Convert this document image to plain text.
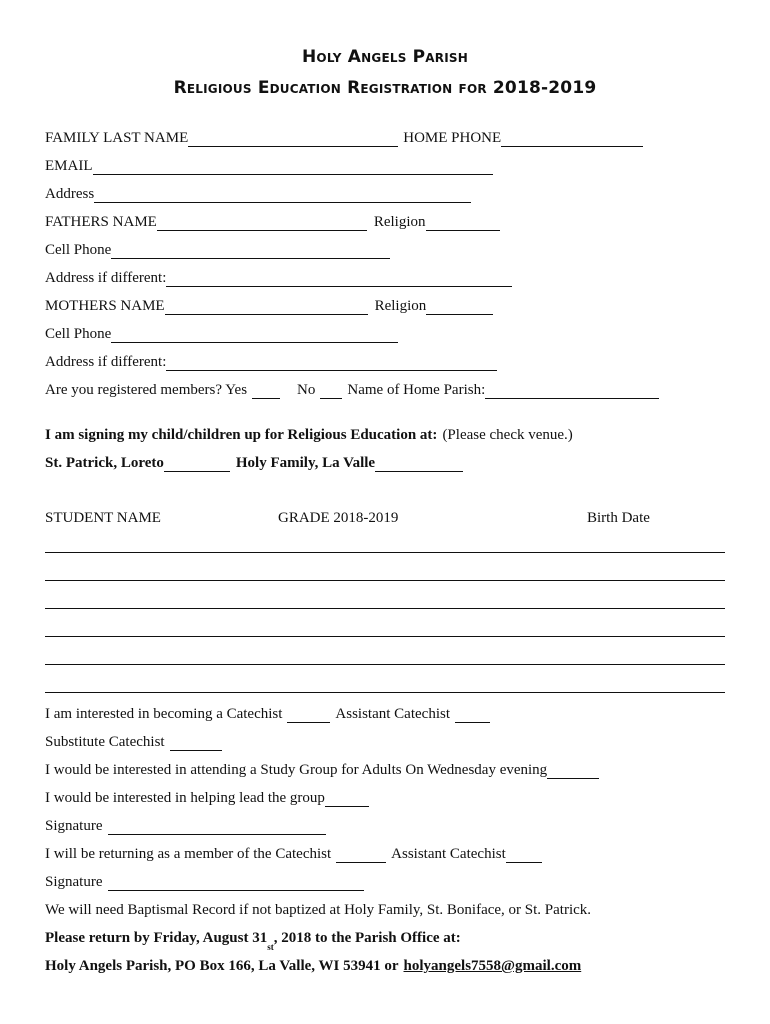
Holy Angels Parish
Religious Education Registration for 2018-2019
FAMILY LAST NAME	HOME PHONE
EMAIL
Address
FATHERS NAME	Religion
Cell Phone
Address if different:
MOTHERS NAME	Religion
Cell Phone
Address if different:
Are you registered members? Yes	No Name of Home Parish:
I am signing my child/children up for Religious Education at: (Please check venue.)
St. Patrick, Loreto	Holy Family, La Valle
STUDENT NAME	GRADE 2018-2019	Birth Date
I am interested in becoming a Catechist	Assistant Catechist
Substitute Catechist
I would be interested in attending a Study Group for Adults On Wednesday evening
I would be interested in helping lead the group
Signature
I will be returning as a member of the Catechist	Assistant Catechist
Signature
We will need Baptismal Record if not baptized at Holy Family, St. Boniface, or St. Patrick.
Please return by Friday, August 31
st
, 2018 to the Parish Office at:
Holy Angels Parish, PO Box 166, La Valle, WI 53941 or holyangels7558@gmail.com
